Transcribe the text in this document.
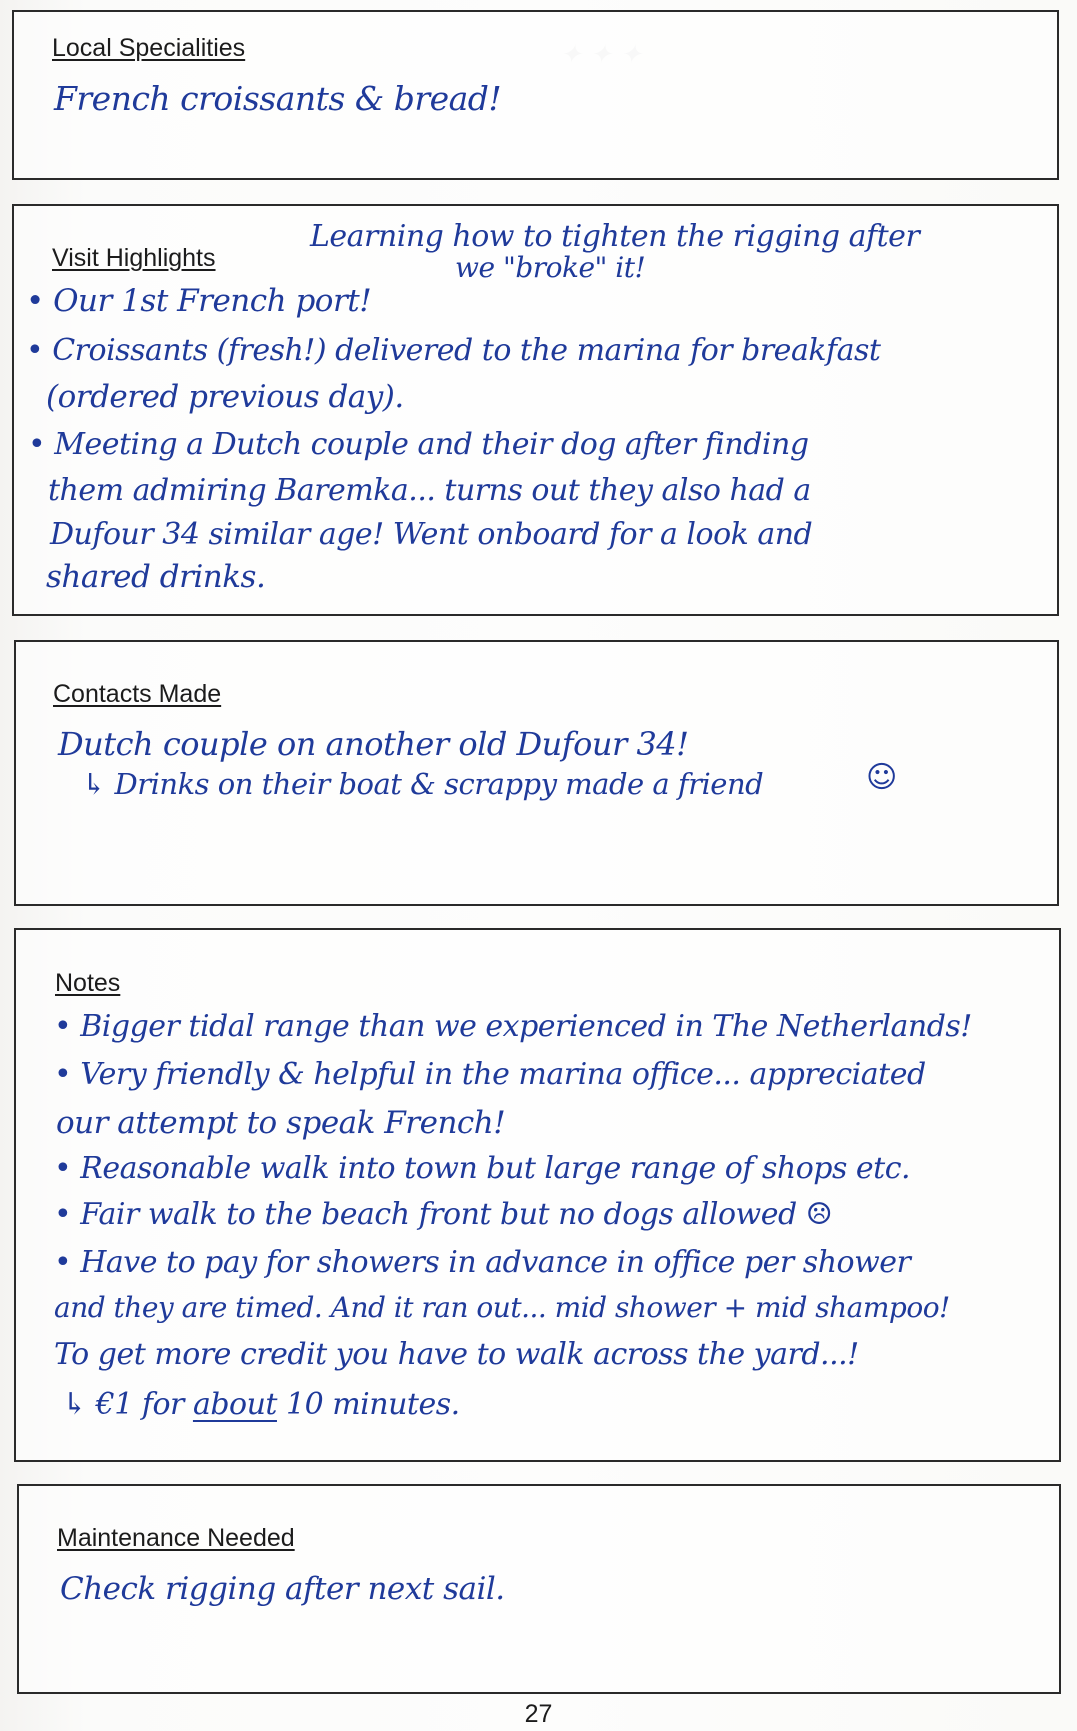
Local Specialities
French croissants & bread!
Visit Highlights
Learning how to tighten the rigging after
we "broke" it!
• Our 1st French port!
• Croissants (fresh!) delivered to the marina for breakfast
(ordered previous day).
• Meeting a Dutch couple and their dog after finding
them admiring Baremka... turns out they also had a
Dufour 34 similar age! Went onboard for a look and
shared drinks.
Contacts Made
Dutch couple on another old Dufour 34!
↳ Drinks on their boat & scrappy made a friend	☺
Notes
• Bigger tidal range than we experienced in The Netherlands!
• Very friendly & helpful in the marina office... appreciated
our attempt to speak French!
• Reasonable walk into town but large range of shops etc.
• Fair walk to the beach front but no dogs allowed ☹
• Have to pay for showers in advance in office per shower
and they are timed. And it ran out... mid shower + mid shampoo!
To get more credit you have to walk across the yard...!
↳ €1 for about 10 minutes.
Maintenance Needed
Check rigging after next sail.
27
